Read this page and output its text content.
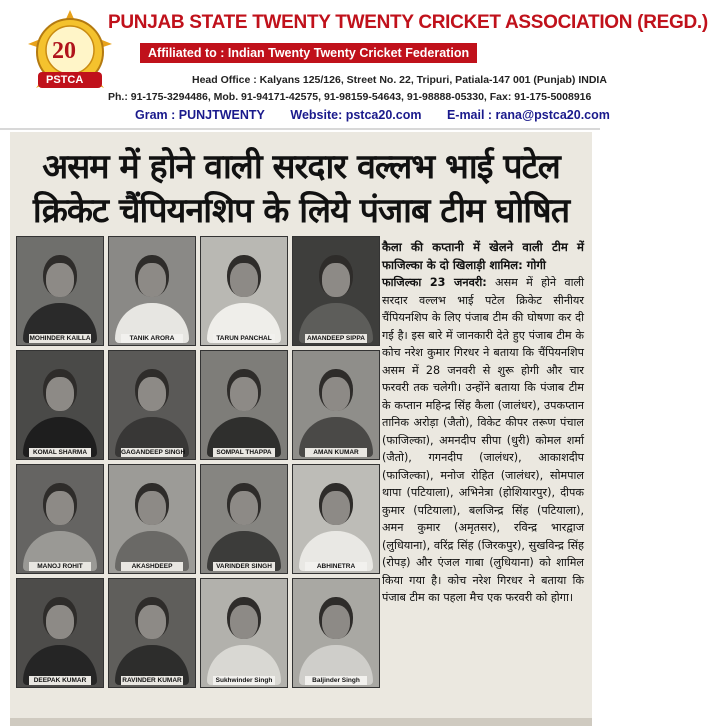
20
PSTCA
PUNJAB STATE TWENTY TWENTY CRICKET ASSOCIATION (REGD.)
Affiliated to : Indian Twenty Twenty Cricket Federation
Head Office : Kalyans 125/126, Street No. 22, Tripuri, Patiala-147 001 (Punjab) INDIA
Ph.: 91-175-3294486, Mob. 91-94171-42575, 91-98159-54643, 91-98888-05330, Fax: 91-175-5008916
Gram : PUNJTWENTY Website: pstca20.com E-mail : rana@pstca20.com
असम में होने वाली सरदार वल्लभ भाई पटेल
क्रिकेट चैंपियनशिप के लिये पंजाब टीम घोषित
MOHINDER KAILLA	TANIK ARORA	TARUN PANCHAL	AMANDEEP SIPPA
KOMAL SHARMA	GAGANDEEP SINGH	SOMPAL THAPPA	AMAN KUMAR
MANOJ ROHIT	AKASHDEEP	VARINDER SINGH	ABHINETRA
DEEPAK KUMAR	RAVINDER KUMAR	Sukhwinder Singh	Baljinder Singh
कैला की कप्तानी में खेलने वाली टीम में फाजिल्का के दो खिलाड़ी शामिल: गोगी
फाजिल्का 23 जनवरी: असम में होने वाली सरदार वल्लभ भाई पटेल क्रिकेट सीनीयर चैंपियनशिप के लिए पंजाब टीम की घोषणा कर दी गई है। इस बारे में जानकारी देते हुए पंजाब टीम के कोच नरेश कुमार गिरधर ने बताया कि चैंपियनशिप असम में 28 जनवरी से शुरू होगी और चार फरवरी तक चलेगी। उन्होंने बताया कि पंजाब टीम के कप्तान महिन्द्र सिंह कैला (जालंधर), उपकप्तान तानिक अरोड़ा (जैतो), विकेट कीपर तरूण पंचाल (फाजिल्का), अमनदीप सीपा (धुरी) कोमल शर्मा (जैतो), गगनदीप (जालंधर), आकाशदीप (फाजिल्का), मनोज रोहित (जालंधर), सोमपाल थापा (पटियाला), अभिनेत्रा (होशियारपुर), दीपक कुमार (पटियाला), बलजिन्द्र सिंह (पटियाला), अमन कुमार (अमृतसर), रविन्द्र भारद्वाज (लुधियाना), वरिंद्र सिंह (जिरकपुर), सुखविन्द्र सिंह (रोपड़) और एंजल गाबा (लुधियाना) को शामिल किया गया है। कोच नरेश गिरधर ने बताया कि पंजाब टीम का पहला मैच एक फरवरी को होगा।
